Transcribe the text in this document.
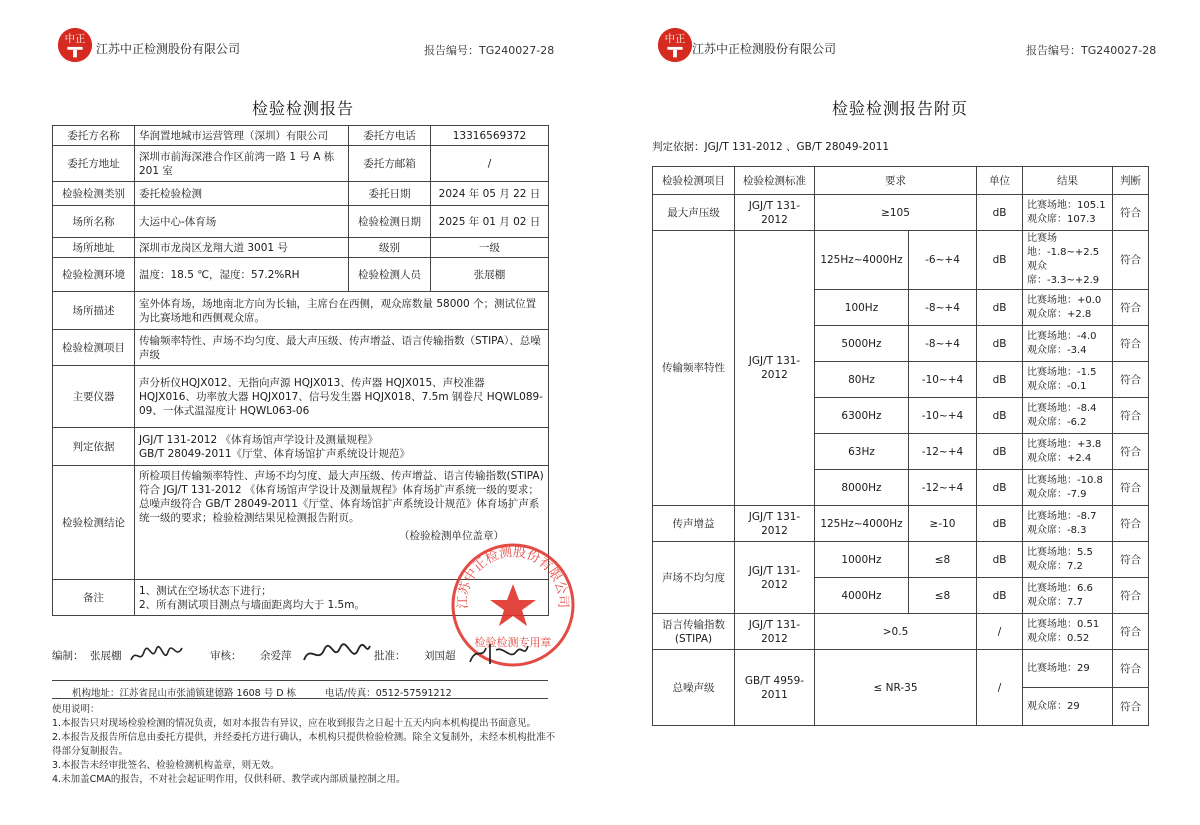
中正
江苏中正检测股份有限公司	报告编号：TG240027-28
检验检测报告
委托方名称	华润置地城市运营管理（深圳）有限公司	委托方电话	13316569372
委托方地址	深圳市前海深港合作区前湾一路 1 号 A 栋 201 室	委托方邮箱	/
检验检测类别	委托检验检测	委托日期	2024 年 05 月 22 日
场所名称	大运中心-体育场	检验检测日期	2025 年 01 月 02 日
场所地址	深圳市龙岗区龙翔大道 3001 号	级别	一级
检验检测环境	温度：18.5 ℃，湿度：57.2%RH	检验检测人员	张展棚
场所描述	室外体育场，场地南北方向为长轴，主席台在西侧，观众席数量 58000 个；测试位置为比赛场地和西侧观众席。		
检验检测项目	传输频率特性、声场不均匀度、最大声压级、传声增益、语言传输指数（STIPA）、总噪声级		
主要仪器	声分析仪HQJX012、无指向声源 HQJX013、传声器 HQJX015、声校准器 HQJX016、功率放大器 HQJX017、信号发生器 HQJX018、7.5m 钢卷尺 HQWL089-09、一体式温湿度计 HQWL063-06		
判定依据	JGJ/T 131-2012 《体育场馆声学设计及测量规程》
GB/T 28049-2011《厅堂、体育场馆扩声系统设计规范》		

检验检测结论	所检项目传输频率特性、声场不均匀度、最大声压级、传声增益、语言传输指数(STIPA)符合 JGJ/T 131-2012 《体育场馆声学设计及测量规程》体育场扩声系统一级的要求；总噪声级符合 GB/T 28049-2011《厅堂、体育场馆扩声系统设计规范》体育场扩声系统一级的要求；检验检测结果见检测报告附页。
（检验检测单位盖章）		

备注	1、测试在空场状态下进行；
2、所有测试项目测点与墙面距离均大于 1.5m。			江苏中正检测股份有限公司
检验检测专用章
编制： 张展棚	审核： 余爱萍	批准： 刘国超
机构地址：江苏省昆山市张浦镇建德路 1608 号 D 栋	电话/传真：0512-57591212
使用说明：
1.本报告只对现场检验检测的情况负责，如对本报告有异议，应在收到报告之日起十五天内向本机构提出书面意见。
2.本报告及报告所信息由委托方提供，并经委托方进行确认，本机构只提供检验检测。除全文复制外，未经本机构批准不
得部分复制报告。
3.本报告未经审批签名、检验检测机构盖章，则无效。
4.未加盖CMA的报告，不对社会起证明作用，仅供科研、教学或内部质量控制之用。
中正
江苏中正检测股份有限公司	报告编号：TG240027-28
检验检测报告附页
判定依据：JGJ/T 131-2012 、GB/T 28049-2011
检验检测项目	检验检测标准	要求		单位	结果	判断
最大声压级	JGJ/T 131-2012	≥105		dB	比赛场地：105.1
观众席：107.3	符合
传输频率特性	JGJ/T 131-2012	125Hz~4000Hz	-6~+4	dB	比赛场地：-1.8~+2.5
观众席：-3.3~+2.9	符合
		100Hz	-8~+4	dB	比赛场地：+0.0
观众席：+2.8	符合
		5000Hz	-8~+4	dB	比赛场地：-4.0
观众席：-3.4	符合
		80Hz	-10~+4	dB	比赛场地：-1.5
观众席：-0.1	符合
		6300Hz	-10~+4	dB	比赛场地：-8.4
观众席：-6.2	符合
		63Hz	-12~+4	dB	比赛场地：+3.8
观众席：+2.4	符合
		8000Hz	-12~+4	dB	比赛场地：-10.8
观众席：-7.9	符合
传声增益	JGJ/T 131-2012	125Hz~4000Hz	≥-10	dB	比赛场地：-8.7
观众席：-8.3	符合
声场不均匀度	JGJ/T 131-2012	1000Hz	≤8	dB	比赛场地：5.5
观众席：7.2	符合
		4000Hz	≤8	dB	比赛场地：6.6
观众席：7.7	符合
语言传输指数(STIPA)	JGJ/T 131-2012	>0.5		/	比赛场地：0.51
观众席：0.52	符合
总噪声级	GB/T 4959-2011	≤ NR-35		/	比赛场地：29	符合
					观众席：29	符合
